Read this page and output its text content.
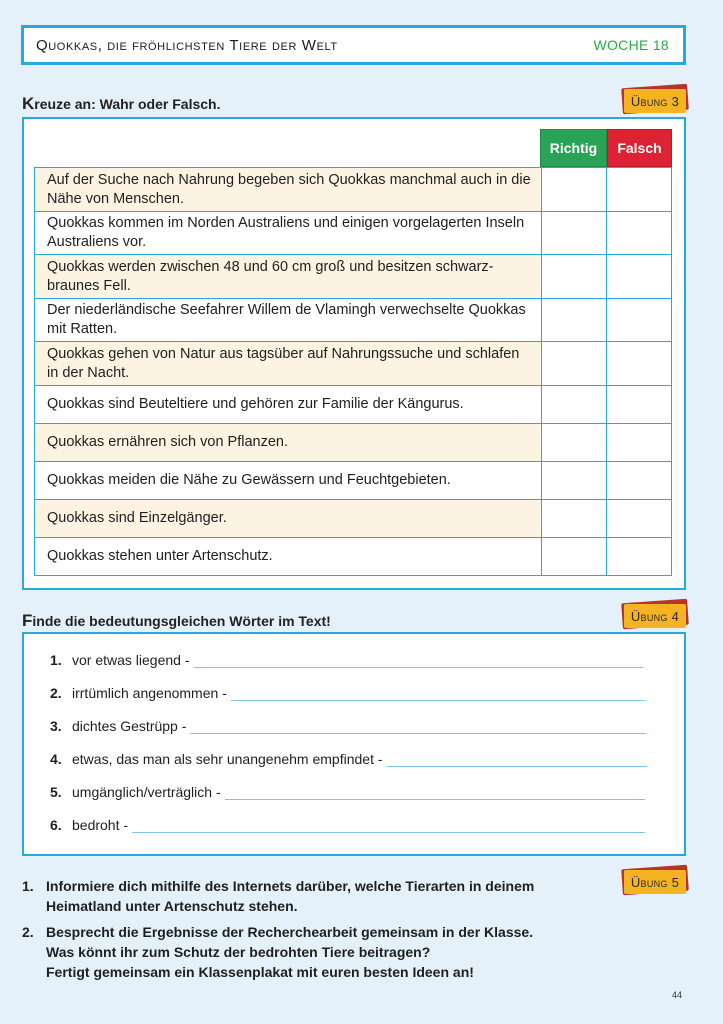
Quokkas, die fröhlichsten Tiere der Welt	WOCHE 18
Kreuze an: Wahr oder Falsch.	Übung 3
Richtig	Falsch
Auf der Suche nach Nahrung begeben sich Quokkas manchmal auch in die Nähe von Menschen.		
Quokkas kommen im Norden Australiens und einigen vorgelagerten Inseln Australiens vor.		
Quokkas werden zwischen 48 und 60 cm groß und besitzen schwarz-braunes Fell.		
Der niederländische Seefahrer Willem de Vlamingh verwechselte Quokkas mit Ratten.		
Quokkas gehen von Natur aus tagsüber auf Nahrungssuche und schlafen in der Nacht.		
Quokkas sind Beuteltiere und gehören zur Familie der Kängurus.		
Quokkas ernähren sich von Pflanzen.		
Quokkas meiden die Nähe zu Gewässern und Feuchtgebieten.		
Quokkas sind Einzelgänger.		
Quokkas stehen unter Artenschutz.		
Finde die bedeutungsgleichen Wörter im Text!	Übung 4
1. vor etwas liegend -
2. irrtümlich angenommen -
3. dichtes Gestrüpp -
4. etwas, das man als sehr unangenehm empfindet -
5. umgänglich/verträglich -
6. bedroht -
Übung 5
1. Informiere dich mithilfe des Internets darüber, welche Tierarten in deinem
Heimatland unter Artenschutz stehen.
2. Besprecht die Ergebnisse der Recherchearbeit gemeinsam in der Klasse.
Was könnt ihr zum Schutz der bedrohten Tiere beitragen?
Fertigt gemeinsam ein Klassenplakat mit euren besten Ideen an!
44
